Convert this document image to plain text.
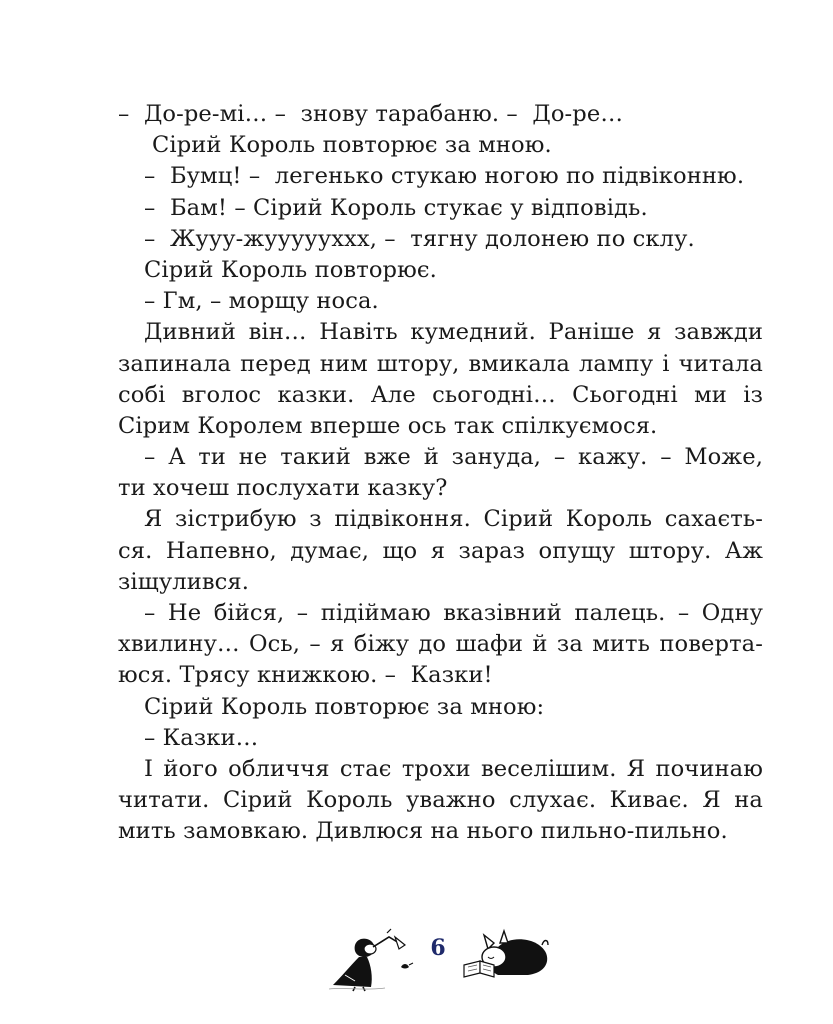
–  До-ре-мі… –  знову тарабаню. –  До-ре…
Сірий Король повторює за мною.
–  Бумц! –  легенько стукаю ногою по підвіконню.
–  Бам! – Сірий Король стукає у відповідь.
–  Жууу-жуууууххх, –  тягну долонею по склу.
Сірий Король повторює.
– Гм, – морщу носа.
Дивний він… Навіть кумедний. Раніше я завжди
запинала перед ним штору, вмикала лампу і читала
собі вголос казки. Але сьогодні… Сьогодні ми із
Сірим Королем вперше ось так спілкуємося.
– А ти не такий вже й зануда, – кажу. – Може,
ти хочеш послухати казку?
Я зістрибую з підвіконня. Сірий Король сахаєть-
ся. Напевно, думає, що я зараз опущу штору. Аж
зіщулився.
– Не бійся, – підіймаю вказівний палець. – Одну
хвилину… Ось, – я біжу до шафи й за мить поверта-
юся. Трясу книжкою. –  Казки!
Сірий Король повторює за мною:
– Казки…
І його обличчя стає трохи веселішим. Я починаю
читати. Сірий Король уважно слухає. Киває. Я на
мить замовкаю. Дивлюся на нього пильно-пильно.
6
